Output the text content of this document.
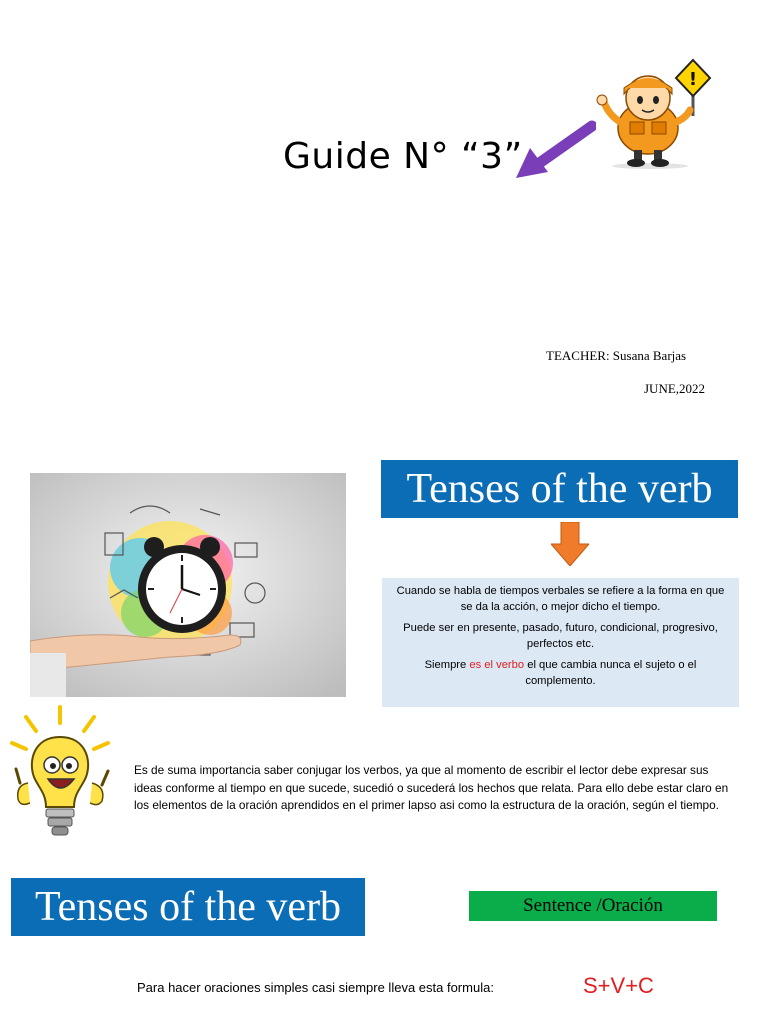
Guide N° “3”
!
TEACHER: Susana Barjas
JUNE,2022
Tenses of the verb

Cuando se habla de tiempos verbales se refiere a la forma en que se da la acción, o mejor dicho el tiempo.

Puede ser en presente, pasado, futuro, condicional, progresivo, perfectos etc.

Siempre es el verbo el que cambia nunca el sujeto o el complemento.

Es de suma importancia saber conjugar los verbos, ya que al momento de escribir el lector debe expresar sus ideas conforme al tiempo en que sucede, sucedió o sucederá los hechos que relata. Para ello debe estar claro en los elementos de la oración aprendidos en el primer lapso asi como la estructura de la oración, según el tiempo.
Tenses of the verb	Sentence /Oración
Para hacer oraciones simples casi siempre lleva esta formula:	S+V+C
